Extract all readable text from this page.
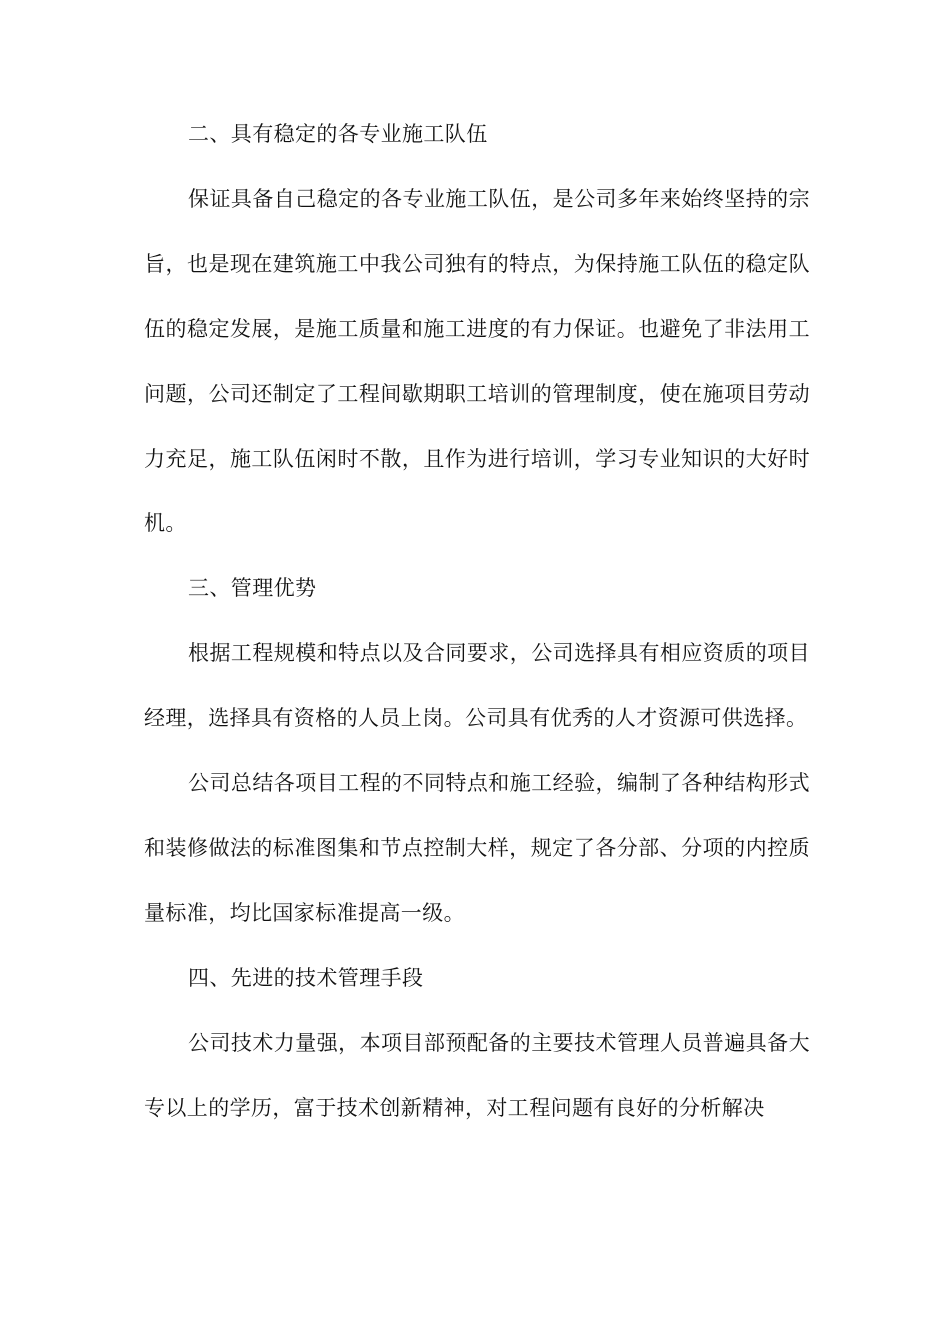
二、具有稳定的各专业施工队伍

保证具备自己稳定的各专业施工队伍，是公司多年来始终坚持的宗旨，也是现在建筑施工中我公司独有的特点，为保持施工队伍的稳定队伍的稳定发展，是施工质量和施工进度的有力保证。也避免了非法用工问题，公司还制定了工程间歇期职工培训的管理制度，使在施项目劳动力充足，施工队伍闲时不散，且作为进行培训，学习专业知识的大好时机。

三、管理优势

根据工程规模和特点以及合同要求，公司选择具有相应资质的项目经理，选择具有资格的人员上岗。公司具有优秀的人才资源可供选择。

公司总结各项目工程的不同特点和施工经验，编制了各种结构形式和装修做法的标准图集和节点控制大样，规定了各分部、分项的内控质量标准，均比国家标准提高一级。

四、先进的技术管理手段

公司技术力量强，本项目部预配备的主要技术管理人员普遍具备大专以上的学历，富于技术创新精神，对工程问题有良好的分析解决
